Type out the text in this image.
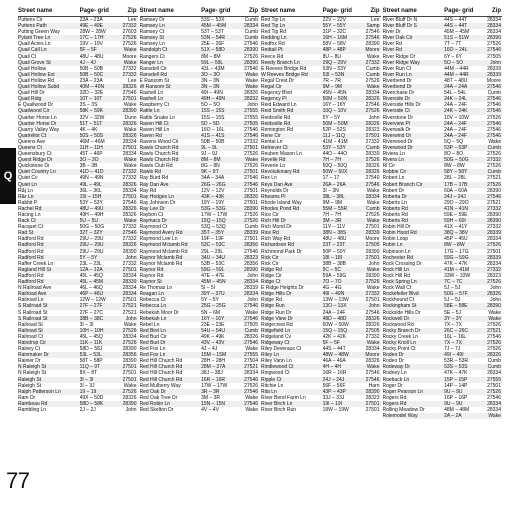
Q
Street name	Page- grid	Zip
Puttens Cir	23A – 23A	Lee
Puttens Path	49E – 49E	27332
Putting Green Way	28W – 28W	27603
Pylant Tree Ln	17C – 17H	27526
Quail Acres Ln	19V – 19V	27526
Quail Call Ln	5F – 5F	Wake
Quail Ct	48U – 48U	Moore
Quail Grove St	4J – 4J	Wake
Quail Hollow	50B – 50B	27332
Quail Hollow Ext	50B – 50C	27332
Quail Hollow Rd	23A – 23A	Lee
Quail Hollow Subd	40M – 40N	28326
Quail Hill Dr	32D – 32E	27546
Quail Ridg	10T – 10T	27501
E Quailwood Dr	3S – 3S	Wake
Quailwood Cir	58K – 59K	28390
Quarter Horse Ln	32V – 32W	Dunn
Quarter Horse Dr	51T – 51T	28326
Quarry Valley Way	4K – 4K	Wake
Quatrellot Ct	50S – 50S	28326
Queens Ave	46M – 46M	28334
Queens Ct	11H – 11H	27501
Queensbury Ct	45T – 46P	28334
Quest Ridge Dr	3O – 3O	Wake
Quickstone Dr	3B – 3B	Wake
Quiet Country Ln	41D – 41D	27332
Quiet Cv	49N – 49N	27332
Quiet Ln	49L – 49L	28326
R&j Ln	36L – 36L	28334
R&r Ln	15I – 15H	27501
Rabbit P	53Y – 53Y	27546
Rachel Rd	48U – 49U	28326
Racing Ln	49H – 49H	28326
Rack Ct	5U – 5U	Wake
Racquet Ct	50G – 50G	27332
Rad St	32T – 32Y	27546
Radford Rd	29U – 29U	27332
Radford Rd	29U – 29U	28326
Radford Rd	29U – 29U	28390
Radford Rd	5Y – 5Y	John
Raffer Creek Ln	23L – 23L	27332
Ragland Hill St	12A – 12A	27501
Radford Rd	45L – 45Q	28334
Radford Rd	45L – 45M	28339
N Railroad Ave	46L – 46Q	28334
Railroad Ave	46P – 46U	28334
Railroad Ln	12W – 12W	27501
S Railroad St	27F – 27F	27521
S Railroad St	27F – 27C	27521
S Railroad St	38B – 38C	John
Railroad St	3I – 3I	Wake
Railroad St	10H – 10H	27526
Railroad Ct	45L – 45Q	28334
Raindrop Cir	11K – 11K	27526
Rainey Ct	58D – 58J	28390
Rainmaker Dr	53L – 53L	28356
Rainier Dr	58T – 58P	28390
N Raleigh St	11Q – 9T	27501
N Raleigh St	8X – 8T	27501
Raleigh St	3I – 3I	27501
Raleigh St	3I – 3J	Wake
Ralph Patterson Ln	19 – 19	27526
Ram Dr	49X – 50D	28326
Rambeau Rd	58D – 58K	28390
Rambling Ln	2J – 2J	John
Street name	Page- grid	Zip
Ramsey Dr	53S – 53X	Cumb
Ramsey Ln	45M – 45M	28334
Ramsey Ct	53T – 53T	Cumb
Ramsey St	53N – 54R	Cumb
Ramsey Ln	25E – 26F	27546
Randolph Ct	51X – 58D	28390
Rangers Ct	8M – 8M	27526
Ranger Ln	59L – 59L	28390
Ransdell Cir	43L – 43M	27546
Ransdell Rd	3O – 3O	Wake
E Ransom St	3N – 3N	Wake
W Ransom St	3N – 3N	Wake
Rashell Ln	49I – 49N	28326
Rashell Ln	49H – 49N	28332
Raspberry Ct	5O – 5O	John
Rattle Ln	15S – 15S	27555
Rattle Snake Ln	15S – 15S	27555
Raven Hill Ct	5D – 5D	27505
Raven Hill Ln	16O – 16L	27546
Raven Rd	41S – 41S	27546
Ravens Wood Cir	50B – 50B	27332
Rawls Church Rd	9L – 9L	27501
Rawls Church Rd	9J – 9J	27526
Rawls Church Rd	8M – 8M	Wake
Rawls Club Rd	8G – 8N	27526
Rawls Rd	9K – 9T	27501
Ray Burd Rd	34A – 34A	27546
Ray Dan Ave	26G – 26G	27546
Ray Rd	12V – 12V	27501
Ray Hodges Ln	43K – 43K	28326
Ray Johnson Dr	19Y – 19Y	27501
Ray Lee Dr	53G – 53G	28390
Raybon Ct	17W – 17W	27526
Raymacs Dr	15Q – 15Q	27526
Raymond Ct	53Q – 53Q	Cumb
Raymond Avery Rd	35T – 35Y	28339
Raymond Lee Ln	19F – 19F	27501
Raymond Mclamb Rd	53C – 53C	28356
Raymond Mclamb Rd	29L – 29L	27546
Raynor Mclamb Rd	34U – 34U	28323
Raynor Mclamb Rd	53B – 53C	28356
Raynor Rd	59G – 59L	28390
Raynor Rd	47E – 47E	John
Raynor St	45M – 45N	28334
Re Thomas Ln	5I – 5I	28339
Reagan Ln	39Y – 37U	28334
Rebecca Ct	5Y – 5Y	John
Rebecca Ln	25G – 25G	27546
Rebekah Moor Dr	5N – 6M	Wake
Rebekah Ln	16Y – 16Y	27546
Rebel Ln	23E – 23E	27505
Red Bird Ln	54U – 54U	Cumb
Red Bud Cir	49K – 49K	28326
Red Bud Dr	43V – 43V	27546
Red Fox Ln	4J – 4J	Wake
Red Fox Ln	15M – 15M	27555
Red Hill Church Rd	28H – 28H	27504
Red Hill Church Rd	28M – 37A	27521
Red Hill Church Rd	38J – 38J	28334
Red Hill Church Rd	16R – 16R	27546
Red Mulberry Way	17W – 17W	27526
Red Oak Dr	3R – 3R	27546
Red Oak Tree Dr	3M – 3R	Wake
Red Robin Ln	15N – 15N	27546
Red Skelton Dr	4V – 4V	Wake
Street name	Page- grid	Zip
Red Tip Ln	22V – 22V	Lee
Red Tip Ln	55Y – 55Y	Samp
Red Tip Rd	31P – 32C	27546
Redding Ln	16H – 16M	27546
Redfox Rd	58V – 58V	28390
Redtail Pt	48P – 48P	Moore
Reece Rd	8U – 8U	Wake
Reedy Branch Ln	29Q – 29V	27332
E Reeves Bridge Rd	53N – 53Y	Cumb
W Reeves Bridge Rd	53I – 53N	Cumb
Regal Crest Dr	7R – 7R	27526
Regal Cir	9M – 9M	Wake
Regency Blvd	45N – 45N	28334
Regency Pl	50M – 50N	28326
Reid Edward Ln	16Y – 16Y	27546
Reid Smith Rd	10Q – 10V	27526
Reidsville Rd	5Y – 5Y	John
Reidsville Rd	50M – 50M	28326
Remington Rd	52P – 52S	28323
Rene Cir	11J – 11Q	27501
Rental Ln	41M – 41M	27332
Retriever Ct	53Y – 53Y	Cumb
Reuben Mason Ln	44O – 44O	28339
Revelle Rd	7H – 7H	27526
Reverie Ln	50Q – 50Q	28326
Revolutionary Rd	50W – 50X	28326
Rex Ln	17 – 17	27540
Reys Dan Ave	26A – 26A	27546
Reynolds Dr	3I – 3N	Wake
Rheams Pl	38L – 38L	28334
Rhode Island Way	9M – 9M	Wake
Rhodes Pond Rd	55M – 55R	Cumb
Rice Cir	7H – 7H	27526
Rich Hill Dr	3M – 3R	Wake
Rich Mond Dr	11V – 11V	27501
Rice Rd	38N – 38S	28339
Rich Way Rd	48U – 48U	Moore
Richardson Rd	23T – 23T	27505
Richmond Park Dr	50P – 50Y	28390
Rick Cir	18I – 18I	27501
Rick Cir	38B – 38B	John
Ridge Rd	5C – 5C	Wake
Ridge Cir	59A – 59G	28390
Ridge Ct	7O – 7O	27526
E Ridge Heights Dr	4G – 4G	Wake
Ridge Hills Dr	49I – 49N	27332
Ridge Rd	13W – 13W	27501
Ridge Run	13O – 13X	John
Ridge Run Dr	24A – 24F	27546
Ridge View Dr	48D – 48D	28326
Ridgecrest Rd	50W – 50W	28326
Ridgefield Ln	15Q – 15Q	27505
Ridgeland Cv	42K – 42K	27332
Ridgeway Ct	5F – 5F	Wake
Riley Deveraux Ct	44S – 44T	28334
Riley Ln	48W – 48W	Moore
Riley Vann Ln	46A – 46A	28326
Rindlewood Ct	4H – 4H	Wake
Ringwood Ct	16R – 16R	27546
Ripple Ct	24J – 24J	27546
Ritchie Ln	56F – 56F	Harn
Rita Ln	43P – 43P	28390
River Bend Farm Ln	33J – 33J	28323
River Birch Ln	19I – 19I	27501
River Birch Run	19W – 19W	27501
Street name	Page- grid	Zip
River Bluff Dr N	44S – 44T	28334
River Bluff Dr S	44S – 44T	28334
River Dr	45M – 45M	28334
River Oak Cir	51S – 51W	28390
River Rd	7T – 7T	27526
River Rd	16O – 24L	27546
River Ridge Dr	6Y – 6Y	27505
River Ridge Way	5O – 5O	John
River Run Ct	44M – 44R	28339
River Run Ln	44M – 44R	28339
Riverbend Dr	48T – 48U	Moore
Riverbend Dr	24A – 24A	27546
Riverchase Dr	54L – 54L	Cumb
Riverside Dr	24K – 24L	27546
Riverside Hills Dr	24A – 24F	27546
Riverside Ct	24K – 24K	27546
Riverstone Dr	10V – 10W	27526
Riverview Pl	24A – 24F	27546
Riverwalk Dr	24A – 24F	27546
Riverwind Dr	24A – 24F	27546
Riverwood Dr	5Q – 5Q	Wake
Riverwood Dr	53P – 53P	Cumb
Riviera Ln	8O – 8O	27526
Rivera Ln	50G – 50G	27332
Rl Cir	8W – 8W	27526
Robbie Cir	58Y – 58Y	Cumb
Robert Ln	28L – 28L	27521
Robert Branch Cir	17B – 17B	27526
Robert Dr	60A – 60A	28390
Roberta Dr	24J – 24J	27546
Roberts Ln	29O – 29O	27521
Roberts Rd	41N – 41N	27332
Roberts Rd	59E – 59E	28390
Roberts Rd	59H – 60I	28390
Robin Hill Dr	41X – 41Y	27332
Robin Hood Rd	38Q – 38V	28339
Robin Loop	45P – 45U	28334
Robin Ln	8W – 8W	27526
Robinson Ln	17G – 17G	27501
Rochester Rd	59G – 59G	28339
Rock Crossing Dr	47K – 47K	28334
Rock Hill Ln	41M – 41M	27332
Rock Hill Rd	33W – 33W	28323
Rock Spring Ln	7C – 7C	27526
Rock Wall Ct	5J – 5J	John
Rockefeller Blvd	50G – 57F	28326
Rockhound Ct	5J – 5J	John
Rockingham St	58E – 58E	28390
Rockside Hills Dr	5E – 5J	Wake
Rockwell Dr	3Y – 3Y	Wake
Rockwood Rd	7X – 7X	27526
Rocky Branch Dr	26C – 26C	27521
Rocky Creek Ln	16L – 16L	27546
Rocky Knoll Ln	7X – 7X	27526
Rocky Point Ct	7J – 7J	27526
Rodeo Dr	49I – 49I	28326
Rodeo Dr	53R – 53R	Cumb
Rodeway Dr	53S – 53S	Cumb
Rodney Ln	47K – 47K	28334
Roebuck Ln	15P – 15P	27555
Roger Dr	14P – 14P	27501
Roger Pearson Ln	9U – 9U	27526
Rogers Rd	16P – 16P	27546
Rogers Rd	9U – 9U	28334
Rolling Meadow Dr	48M – 48M	28334
Rolemodel Way	2A – 2A	Wake
77
